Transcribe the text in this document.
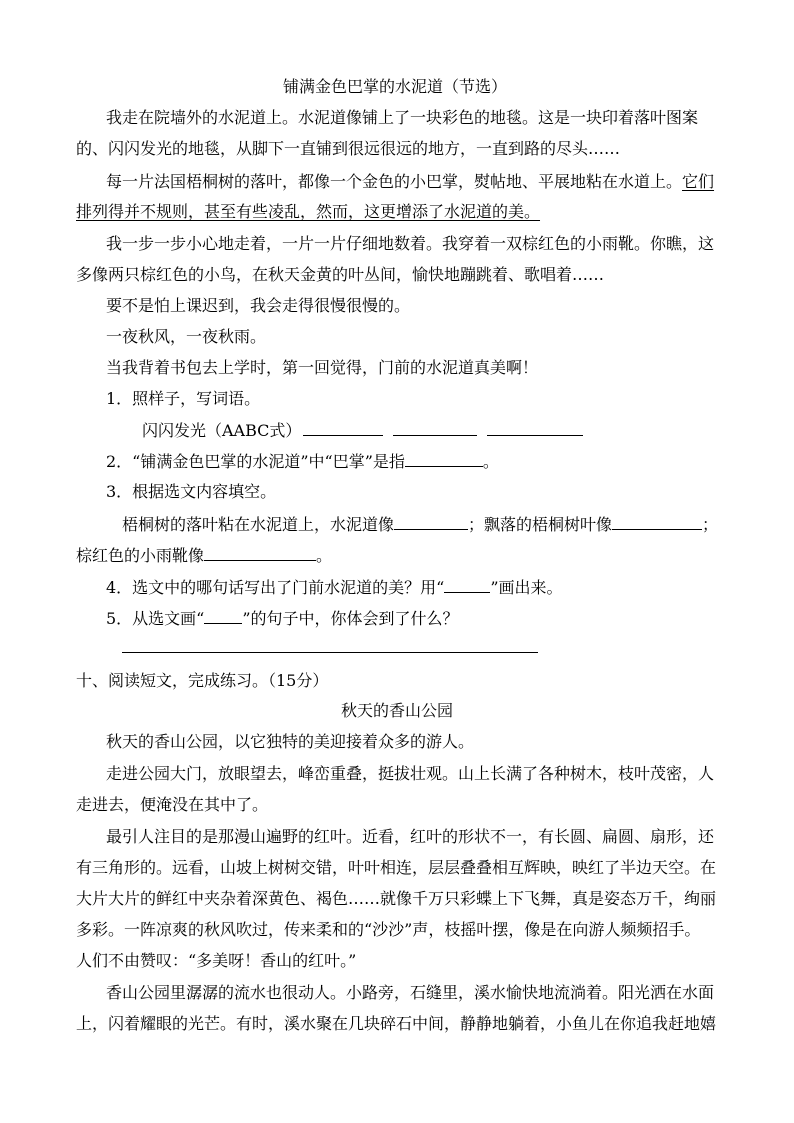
铺满金色巴掌的水泥道（节选）
我走在院墙外的水泥道上。水泥道像铺上了一块彩色的地毯。这是一块印着落叶图案
的、闪闪发光的地毯，从脚下一直铺到很远很远的地方，一直到路的尽头……
每一片法国梧桐树的落叶，都像一个金色的小巴掌，熨帖地、平展地粘在水道上。它们
排列得并不规则，甚至有些凌乱，然而，这更增添了水泥道的美。
我一步一步小心地走着，一片一片仔细地数着。我穿着一双棕红色的小雨靴。你瞧，这
多像两只棕红色的小鸟，在秋天金黄的叶丛间，愉快地蹦跳着、歌唱着……
要不是怕上课迟到，我会走得很慢很慢的。
一夜秋风，一夜秋雨。
当我背着书包去上学时，第一回觉得，门前的水泥道真美啊！
1．照样子，写词语。
闪闪发光（AABC式）
2．“铺满金色巴掌的水泥道”中“巴掌”是指	。
3．根据选文内容填空。
梧桐树的落叶粘在水泥道上，水泥道像	；飘落的梧桐树叶像	；
棕红色的小雨靴像	。
4．选文中的哪句话写出了门前水泥道的美？用“	”画出来。
5．从选文画“ ”的句子中，你体会到了什么？
十、阅读短文，完成练习。（15分）
秋天的香山公园
秋天的香山公园，以它独特的美迎接着众多的游人。
走进公园大门，放眼望去，峰峦重叠，挺拔壮观。山上长满了各种树木，枝叶茂密，人
走进去，便淹没在其中了。
最引人注目的是那漫山遍野的红叶。近看，红叶的形状不一，有长圆、扁圆、扇形，还
有三角形的。远看，山坡上树树交错，叶叶相连，层层叠叠相互辉映，映红了半边天空。在
大片大片的鲜红中夹杂着深黄色、褐色……就像千万只彩蝶上下飞舞，真是姿态万千，绚丽
多彩。一阵凉爽的秋风吹过，传来柔和的“沙沙”声，枝摇叶摆，像是在向游人频频招手。
人们不由赞叹：“多美呀！香山的红叶。”
香山公园里潺潺的流水也很动人。小路旁，石缝里，溪水愉快地流淌着。阳光洒在水面
上，闪着耀眼的光芒。有时，溪水聚在几块碎石中间，静静地躺着，小鱼儿在你追我赶地嬉
